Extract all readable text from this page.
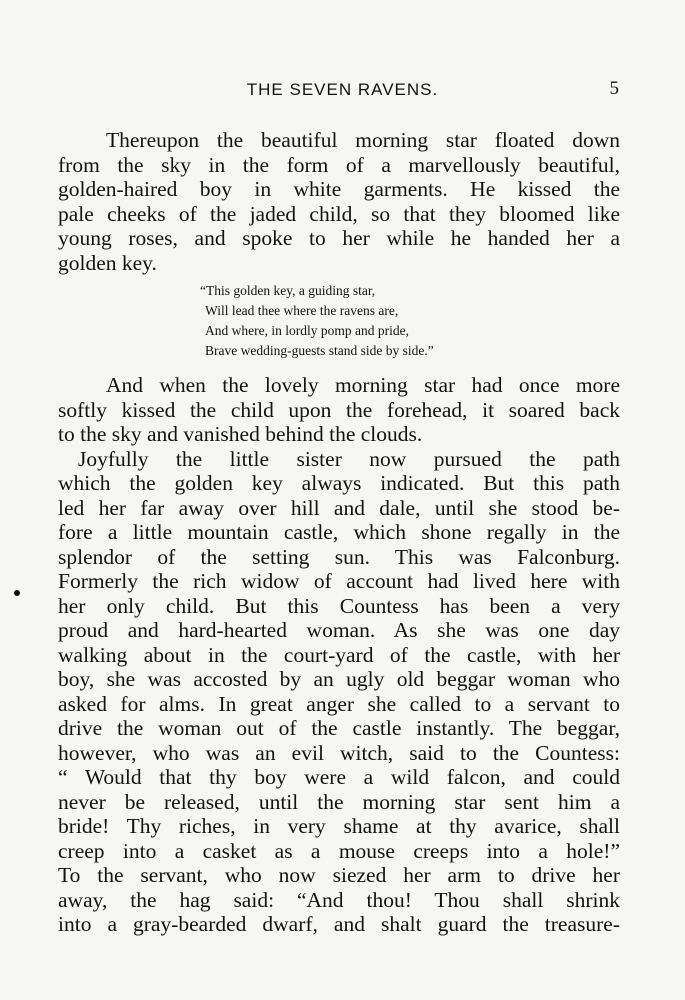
THE SEVEN RAVENS.	5
Thereupon the beautiful morning star floated down
from the sky in the form of a marvellously beautiful,
golden-haired boy in white garments. He kissed the
pale cheeks of the jaded child, so that they bloomed like
young roses, and spoke to her while he handed her a
golden key.
“This golden key, a guiding star,
Will lead thee where the ravens are,
And where, in lordly pomp and pride,
Brave wedding-guests stand side by side.”
And when the lovely morning star had once more
softly kissed the child upon the forehead, it soared back
to the sky and vanished behind the clouds.
Joyfully the little sister now pursued the path
which the golden key always indicated. But this path
led her far away over hill and dale, until she stood be-
fore a little mountain castle, which shone regally in the
splendor of the setting sun. This was Falconburg.
Formerly the rich widow of account had lived here with
her only child. But this Countess has been a very
proud and hard-hearted woman. As she was one day
walking about in the court-yard of the castle, with her
boy, she was accosted by an ugly old beggar woman who
asked for alms. In great anger she called to a servant to
drive the woman out of the castle instantly. The beggar,
however, who was an evil witch, said to the Countess:
“ Would that thy boy were a wild falcon, and could
never be released, until the morning star sent him a
bride! Thy riches, in very shame at thy avarice, shall
creep into a casket as a mouse creeps into a hole!”
To the servant, who now siezed her arm to drive her
away, the hag said: “And thou! Thou shall shrink
into a gray-bearded dwarf, and shalt guard the treasure-
